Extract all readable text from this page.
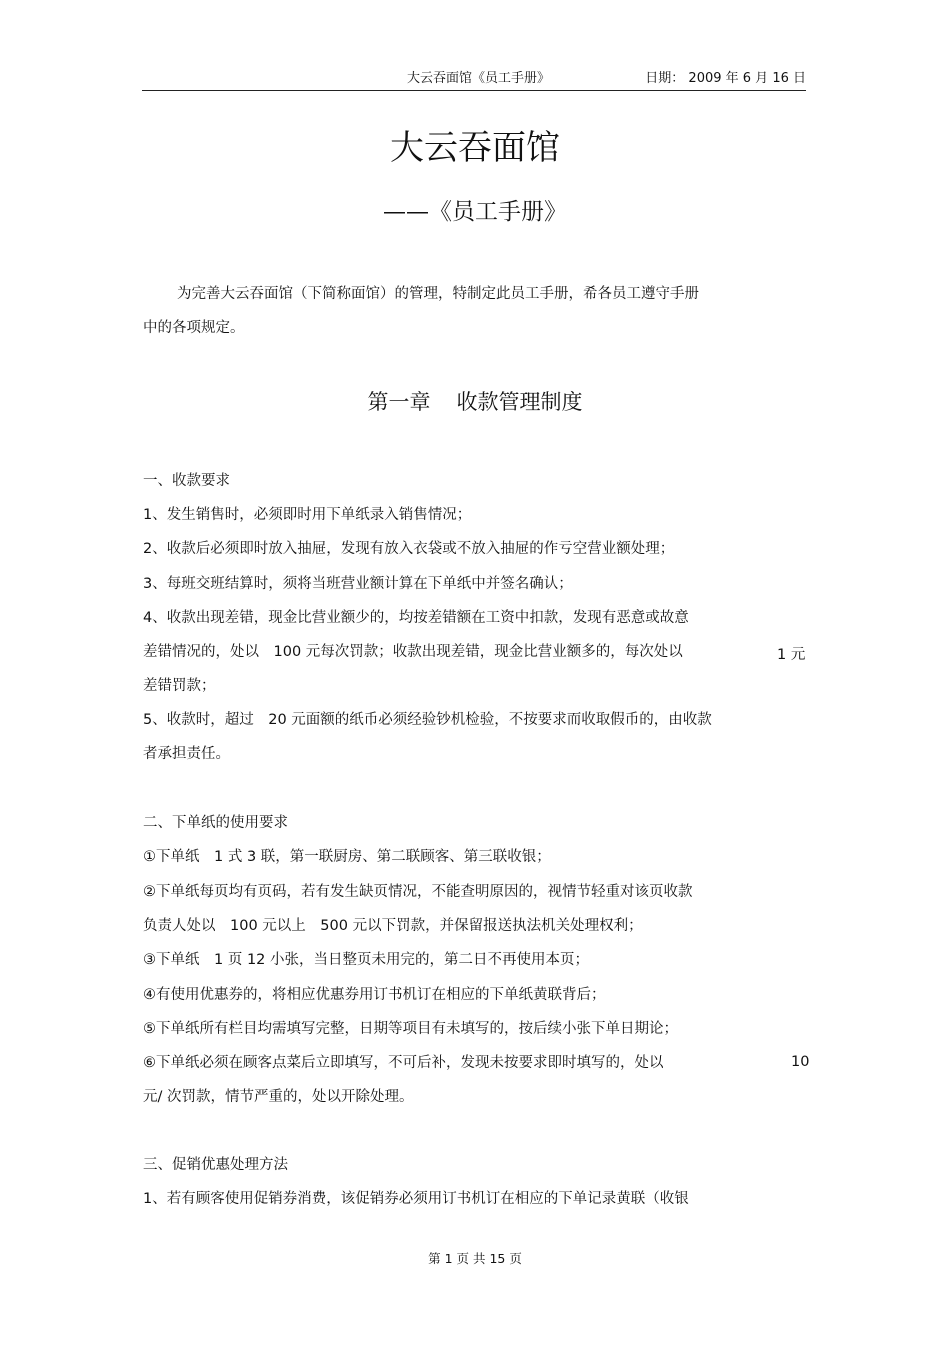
大云吞面馆《员工手册》	日期： 2009 年 6 月 16 日
大云吞面馆
——《员工手册》
为完善大云吞面馆（下简称面馆）的管理，特制定此员工手册，希各员工遵守手册
中的各项规定。
第一章 收款管理制度
一、收款要求
1、发生销售时，必须即时用下单纸录入销售情况；
2、收款后必须即时放入抽屉，发现有放入衣袋或不放入抽屉的作亏空营业额处理；
3、每班交班结算时，须将当班营业额计算在下单纸中并签名确认；
4、收款出现差错，现金比营业额少的，均按差错额在工资中扣款，发现有恶意或故意
差错情况的，处以　100 元每次罚款；收款出现差错，现金比营业额多的，每次处以	1 元
差错罚款；
5、收款时，超过　20 元面额的纸币必须经验钞机检验，不按要求而收取假币的，由收款
者承担责任。
二、下单纸的使用要求
①下单纸　1 式 3 联，第一联厨房、第二联顾客、第三联收银；
②下单纸每页均有页码，若有发生缺页情况，不能查明原因的，视情节轻重对该页收款
负责人处以　100 元以上　500 元以下罚款，并保留报送执法机关处理权利；
③下单纸　1 页 12 小张，当日整页未用完的，第二日不再使用本页；
④有使用优惠券的，将相应优惠券用订书机订在相应的下单纸黄联背后；
⑤下单纸所有栏目均需填写完整，日期等项目有未填写的，按后续小张下单日期论；
⑥下单纸必须在顾客点菜后立即填写，不可后补，发现未按要求即时填写的，处以	10
元/ 次罚款，情节严重的，处以开除处理。
三、促销优惠处理方法
1、若有顾客使用促销券消费，该促销券必须用订书机订在相应的下单记录黄联（收银
第 1 页 共 15 页
